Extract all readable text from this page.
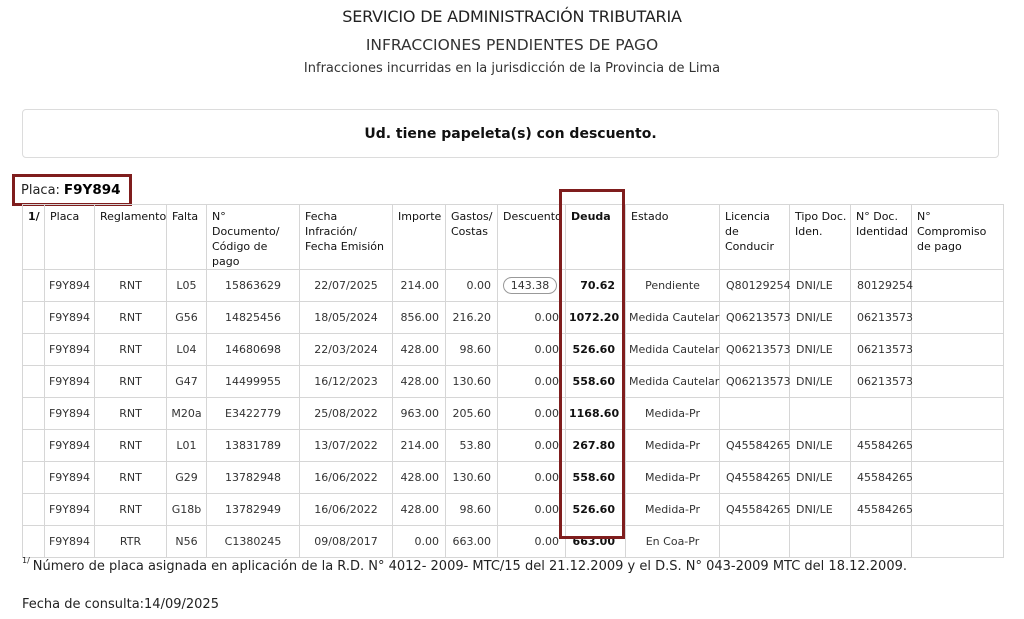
SERVICIO DE ADMINISTRACIÓN TRIBUTARIA
INFRACCIONES PENDIENTES DE PAGO
Infracciones incurridas en la jurisdicción de la Provincia de Lima
Ud. tiene papeleta(s) con descuento.
Placa: F9Y894
1/	Placa	Reglamento	Falta	N° Documento/ Código de pago	Fecha Infración/ Fecha Emisión	Importe	Gastos/ Costas	Descuento	Deuda	Estado	Licencia de Conducir	Tipo Doc. Iden.	N° Doc. Identidad	N° Compromiso de pago
	F9Y894	RNT	L05	15863629	22/07/2025	214.00	0.00	143.38	70.62	Pendiente	Q80129254	DNI/LE	80129254	
	F9Y894	RNT	G56	14825456	18/05/2024	856.00	216.20	0.00	1072.20	Medida Cautelar	Q06213573	DNI/LE	06213573	
	F9Y894	RNT	L04	14680698	22/03/2024	428.00	98.60	0.00	526.60	Medida Cautelar	Q06213573	DNI/LE	06213573	
	F9Y894	RNT	G47	14499955	16/12/2023	428.00	130.60	0.00	558.60	Medida Cautelar	Q06213573	DNI/LE	06213573	
	F9Y894	RNT	M20a	E3422779	25/08/2022	963.00	205.60	0.00	1168.60	Medida-Pr				
	F9Y894	RNT	L01	13831789	13/07/2022	214.00	53.80	0.00	267.80	Medida-Pr	Q45584265	DNI/LE	45584265	
	F9Y894	RNT	G29	13782948	16/06/2022	428.00	130.60	0.00	558.60	Medida-Pr	Q45584265	DNI/LE	45584265	
	F9Y894	RNT	G18b	13782949	16/06/2022	428.00	98.60	0.00	526.60	Medida-Pr	Q45584265	DNI/LE	45584265	
	F9Y894	RTR	N56	C1380245	09/08/2017	0.00	663.00	0.00	663.00	En Coa-Pr				
$^{1/}$ Número de placa asignada en aplicación de la R.D. N° 4012- 2009- MTC/15 del 21.12.2009 y el D.S. N° 043-2009 MTC del 18.12.2009.
Fecha de consulta:14/09/2025
